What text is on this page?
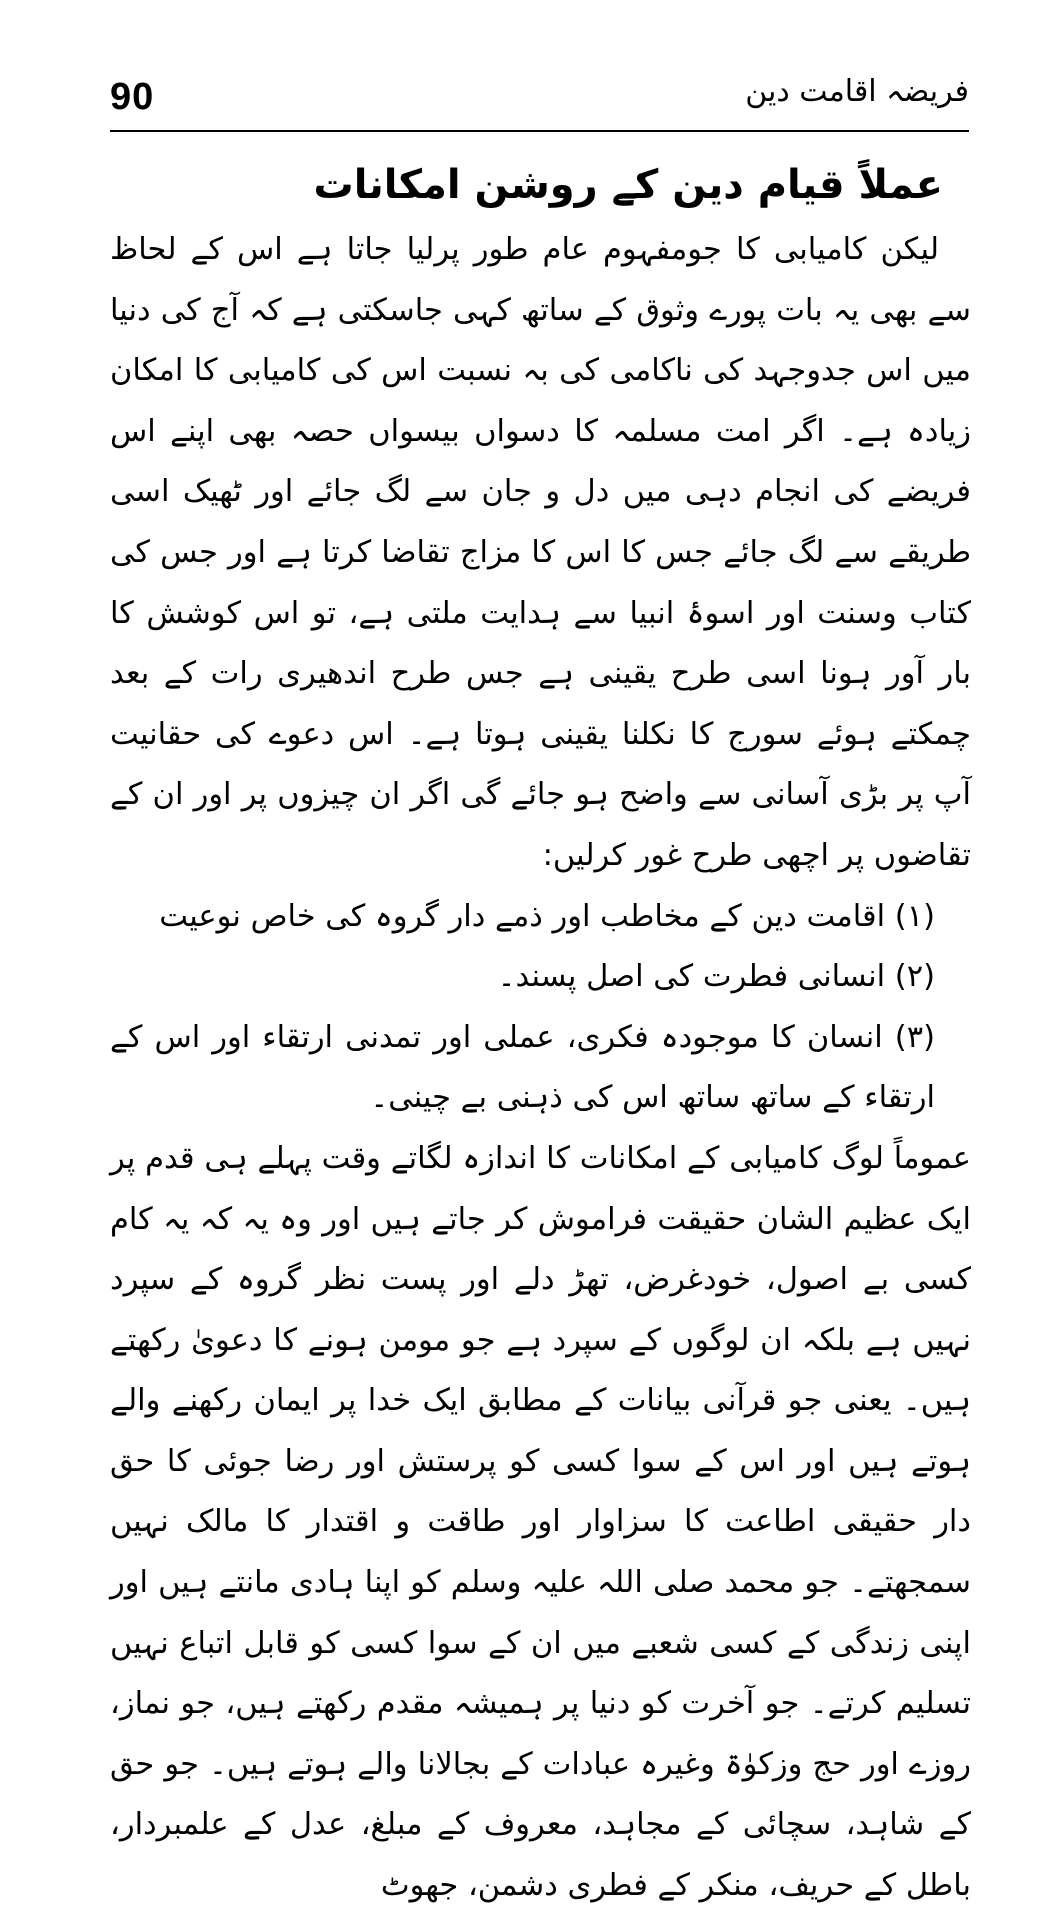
90	فریضہ اقامت دین
عملاً قیام دین کے روشن امکانات

لیکن کامیابی کا جومفہوم عام طور پرلیا جاتا ہے اس کے لحاظ سے بھی یہ بات پورے وثوق کے ساتھ کہی جاسکتی ہے کہ آج کی دنیا میں اس جدوجہد کی ناکامی کی بہ نسبت اس کی کامیابی کا امکان زیادہ ہے۔ اگر امت مسلمہ کا دسواں بیسواں حصہ بھی اپنے اس فریضے کی انجام دہی میں دل و جان سے لگ جائے اور ٹھیک اسی طریقے سے لگ جائے جس کا اس کا مزاج تقاضا کرتا ہے اور جس کی کتاب وسنت اور اسوۂ انبیا سے ہدایت ملتی ہے، تو اس کوشش کا بار آور ہونا اسی طرح یقینی ہے جس طرح اندھیری رات کے بعد چمکتے ہوئے سورج کا نکلنا یقینی ہوتا ہے۔ اس دعوے کی حقانیت آپ پر بڑی آسانی سے واضح ہو جائے گی اگر ان چیزوں پر اور ان کے تقاضوں پر اچھی طرح غور کرلیں:

(۱) اقامت دین کے مخاطب اور ذمے دار گروہ کی خاص نوعیت
(۲) انسانی فطرت کی اصل پسند۔
(۳) انسان کا موجودہ فکری، عملی اور تمدنی ارتقاء اور اس کے ارتقاء کے ساتھ ساتھ اس کی ذہنی بے چینی۔

عموماً لوگ کامیابی کے امکانات کا اندازہ لگاتے وقت پہلے ہی قدم پر ایک عظیم الشان حقیقت فراموش کر جاتے ہیں اور وہ یہ کہ یہ کام کسی بے اصول، خودغرض، تھڑ دلے اور پست نظر گروہ کے سپرد نہیں ہے بلکہ ان لوگوں کے سپرد ہے جو مومن ہونے کا دعویٰ رکھتے ہیں۔ یعنی جو قرآنی بیانات کے مطابق ایک خدا پر ایمان رکھنے والے ہوتے ہیں اور اس کے سوا کسی کو پرستش اور رضا جوئی کا حق دار حقیقی اطاعت کا سزاوار اور طاقت و اقتدار کا مالک نہیں سمجھتے۔ جو محمد صلی اللہ علیہ وسلم کو اپنا ہادی مانتے ہیں اور اپنی زندگی کے کسی شعبے میں ان کے سوا کسی کو قابل اتباع نہیں تسلیم کرتے۔ جو آخرت کو دنیا پر ہمیشہ مقدم رکھتے ہیں، جو نماز، روزے اور حج وزکوٰۃ وغیرہ عبادات کے بجالانا والے ہوتے ہیں۔ جو حق کے شاہد، سچائی کے مجاہد، معروف کے مبلغ، عدل کے علمبردار، باطل کے حریف، منکر کے فطری دشمن، جھوٹ
